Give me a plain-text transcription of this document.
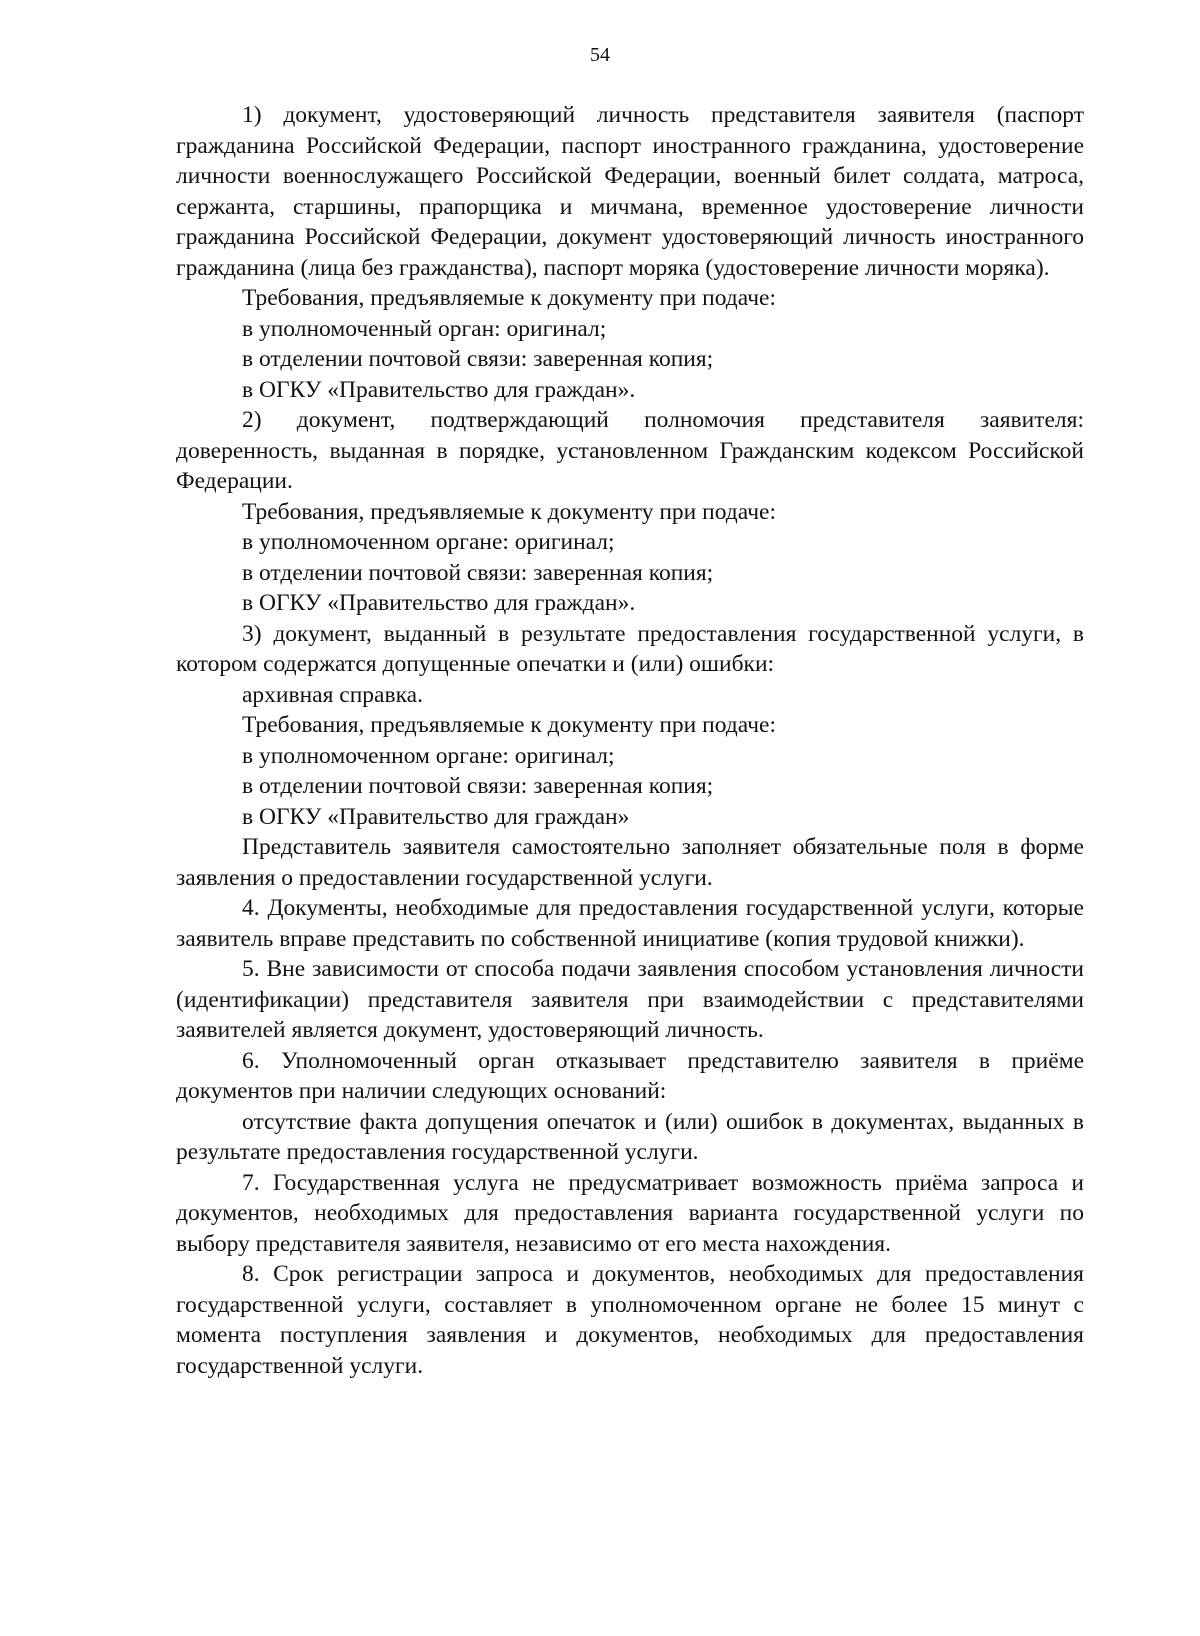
54

1) документ, удостоверяющий личность представителя заявителя (паспорт гражданина Российской Федерации, паспорт иностранного гражданина, удостоверение личности военнослужащего Российской Федерации, военный билет солдата, матроса, сержанта, старшины, прапорщика и мичмана, временное удостоверение личности гражданина Российской Федерации, документ удостоверяющий личность иностранного гражданина (лица без гражданства), паспорт моряка (удостоверение личности моряка).

Требования, предъявляемые к документу при подаче:

в уполномоченный орган: оригинал;

в отделении почтовой связи: заверенная копия;

в ОГКУ «Правительство для граждан».

2) документ, подтверждающий полномочия представителя заявителя: доверенность, выданная в порядке, установленном Гражданским кодексом Российской Федерации.

Требования, предъявляемые к документу при подаче:

в уполномоченном органе: оригинал;

в отделении почтовой связи: заверенная копия;

в ОГКУ «Правительство для граждан».

3) документ, выданный в результате предоставления государственной услуги, в котором содержатся допущенные опечатки и (или) ошибки:

архивная справка.

Требования, предъявляемые к документу при подаче:

в уполномоченном органе: оригинал;

в отделении почтовой связи: заверенная копия;

в ОГКУ «Правительство для граждан»

Представитель заявителя самостоятельно заполняет обязательные поля в форме заявления о предоставлении государственной услуги.

4. Документы, необходимые для предоставления государственной услуги, которые заявитель вправе представить по собственной инициативе (копия трудовой книжки).

5. Вне зависимости от способа подачи заявления способом установления личности (идентификации) представителя заявителя при взаимодействии с представителями заявителей является документ, удостоверяющий личность.

6. Уполномоченный орган отказывает представителю заявителя в приёме документов при наличии следующих оснований:

отсутствие факта допущения опечаток и (или) ошибок в документах, выданных в результате предоставления государственной услуги.

7. Государственная услуга не предусматривает возможность приёма запроса и документов, необходимых для предоставления варианта государственной услуги по выбору представителя заявителя, независимо от его места нахождения.

8. Срок регистрации запроса и документов, необходимых для предоставления государственной услуги, составляет в уполномоченном органе не более 15 минут с момента поступления заявления и документов, необходимых для предоставления государственной услуги.
